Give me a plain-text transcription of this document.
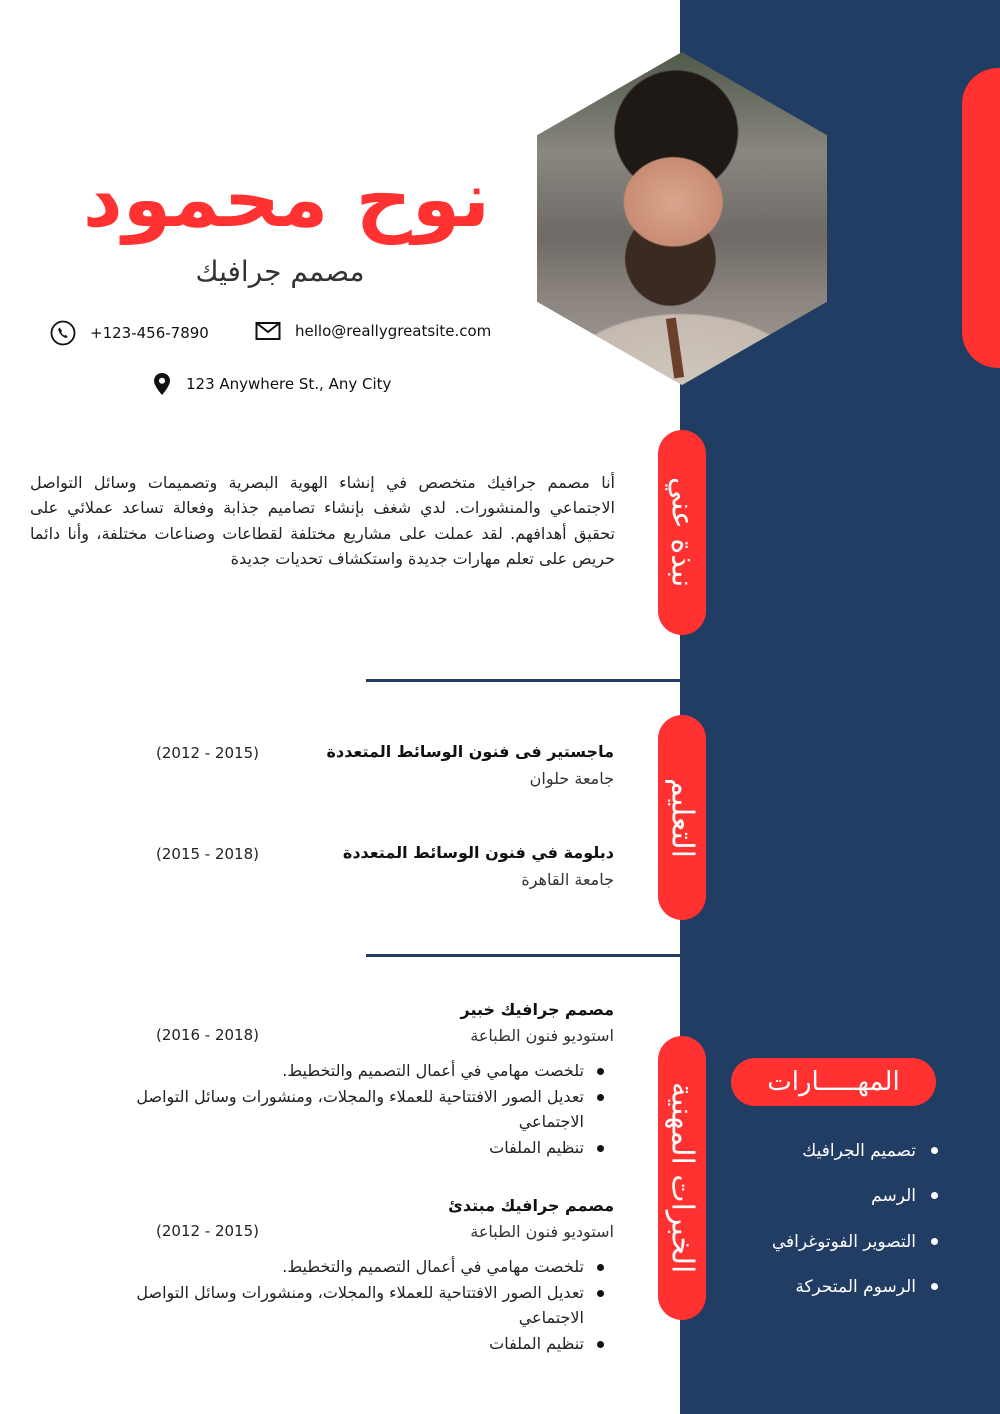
نوح محمود
مصمم جرافيك
+123-456-7890	hello@reallygreatsite.com
123 Anywhere St., Any City
نبذة عني

أنا مصمم جرافيك متخصص في إنشاء الهوية البصرية وتصميمات وسائل التواصل الاجتماعي والمنشورات. لدي شغف بإنشاء تصاميم جذابة وفعالة تساعد عملائي على تحقيق أهدافهم. لقد عملت على مشاريع مختلفة لقطاعات وصناعات مختلفة، وأنا دائما حريص على تعلم مهارات جديدة واستكشاف تحديات جديدة

التعليم
ماجستير فى فنون الوسائط المتعددة
جامعة حلوان
(2012 - 2015)
دبلومة في فنون الوسائط المتعددة
جامعة القاهرة
(2015 - 2018)
الخبرات المهنية
مصمم جرافيك خبير
استوديو فنون الطباعة
(2016 - 2018)
تلخصت مهامي في أعمال التصميم والتخطيط.
تعديل الصور الافتتاحية للعملاء والمجلات، ومنشورات وسائل التواصل الاجتماعي
تنظيم الملفات
مصمم جرافيك مبتدئ
استوديو فنون الطباعة
(2012 - 2015)
تلخصت مهامي في أعمال التصميم والتخطيط.
تعديل الصور الافتتاحية للعملاء والمجلات، ومنشورات وسائل التواصل الاجتماعي
تنظيم الملفات
المهـــــارات
تصميم الجرافيك
الرسم
التصوير الفوتوغرافي
الرسوم المتحركة
